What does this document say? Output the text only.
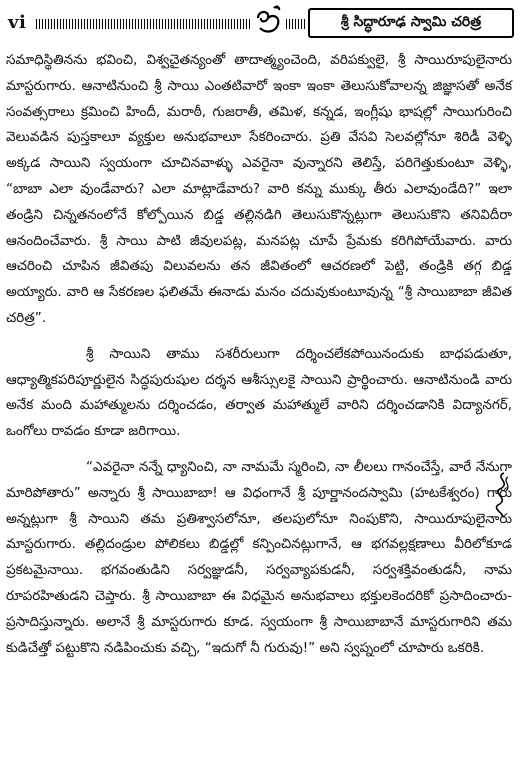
vi	శ్రీ సిద్ధారూఢ స్వామి చరిత్ర

సమాధిస్థితినను భవించి, విశ్వచైతన్యంతో తాదాత్మ్యంచెంది, వరిపక్వులై, శ్రీ సాయిరూపులైనారు మాస్టరుగారు. ఆనాటినుంచి శ్రీ సాయి ఎంతటివారో ఇంకా ఇంకా తెలుసుకోవాలన్న జిజ్ఞాసతో అనేక సంవత్సరాలు క్రమించి హిందీ, మరాఠీ, గుజరాతీ, తమిళ, కన్నడ, ఇంగ్లీషు భాషల్లో సాయిగురించి వెలువడిన పుస్తకాలూ వ్యక్తుల అనుభవాలూ సేకరించారు. ప్రతి వేసవి సెలవల్లోనూ శిరిడీ వెళ్ళి అక్కడ సాయిని స్వయంగా చూచినవాళ్ళు ఎవరైనా వున్నారని తెలిస్తే, పరిగెత్తుకుంటూ వెళ్ళి, “బాబా ఎలా వుండేవారు? ఎలా మాట్లాడేవారు? వారి కన్ను ముక్కు తీరు ఎలావుండేది?” ఇలా తండ్రిని చిన్నతనంలోనే కోల్పోయిన బిడ్డ తల్లినడిగి తెలుసుకొన్నట్లుగా తెలుసుకొని తనివిదీరా ఆనందించేవారు. శ్రీ సాయి పాటి జీవులపట్ల, మనపట్ల చూపే ప్రేమకు కరిగిపోయేవారు. వారు ఆచరించి చూపిన జీవితపు విలువలను తన జీవితంలో ఆచరణలో పెట్టి, తండ్రికి తగ్గ బిడ్డ అయ్యారు. వారి ఆ సేకరణల ఫలితమే ఈనాడు మనం చదువుకుంటూవున్న “శ్రీ సాయిబాబా జీవిత చరిత్ర”.

శ్రీ సాయిని తాము సశరీరులుగా దర్శించలేకపోయినందుకు బాధపడుతూ, ఆధ్యాత్మికపరిపూర్ణులైన సిద్ధపురుషుల దర్శన ఆశీస్సులకై సాయిని ప్రార్థించారు. ఆనాటినుండి వారు అనేక మంది మహాత్ములను దర్శించడం, తర్వాత మహాత్ములే వారిని దర్శించడానికి విద్యానగర్, ఒంగోలు రావడం కూడా జరిగాయి.

“ఎవరైనా నన్నే ధ్యానించి, నా నామమే స్మరించి, నా లీలలు గానంచేస్తే, వారే నేనుగా మారిపోతారు” అన్నారు శ్రీ సాయిబాబా! ఆ విధంగానే శ్రీ పూర్ణానందస్వామి (హటకేశ్వరం) గారు అన్నట్లుగా శ్రీ సాయిని తమ ప్రతిశ్వాసలోనూ, తలపులోనూ నింపుకొని, సాయిరూపులైనారు మాస్టరుగారు. తల్లిదండ్రుల పోలికలు బిడ్డల్లో కన్పించినట్లుగానే, ఆ భగవల్లక్షణాలు వీరిలోకూడ ప్రకటమైనాయి. భగవంతుడిని సర్వజ్ఞుడనీ, సర్వవ్యాపకుడనీ, సర్వశక్తివంతుడనీ, నామ రూపరహితుడని చెప్తారు. శ్రీ సాయిబాబా ఈ విధమైన అనుభవాలు భక్తులకెందరికో ప్రసాదించారు-ప్రసాదిస్తున్నారు. అలానే శ్రీ మాస్టరుగారు కూడ. స్వయంగా శ్రీ సాయిబాబానే మాస్టరుగారిని తమ కుడిచేత్తో పట్టుకొని నడిపించుకు వచ్చి, “ఇదుగో నీ గురువు!” అని స్వప్నంలో చూపారు ఒకరికి.
